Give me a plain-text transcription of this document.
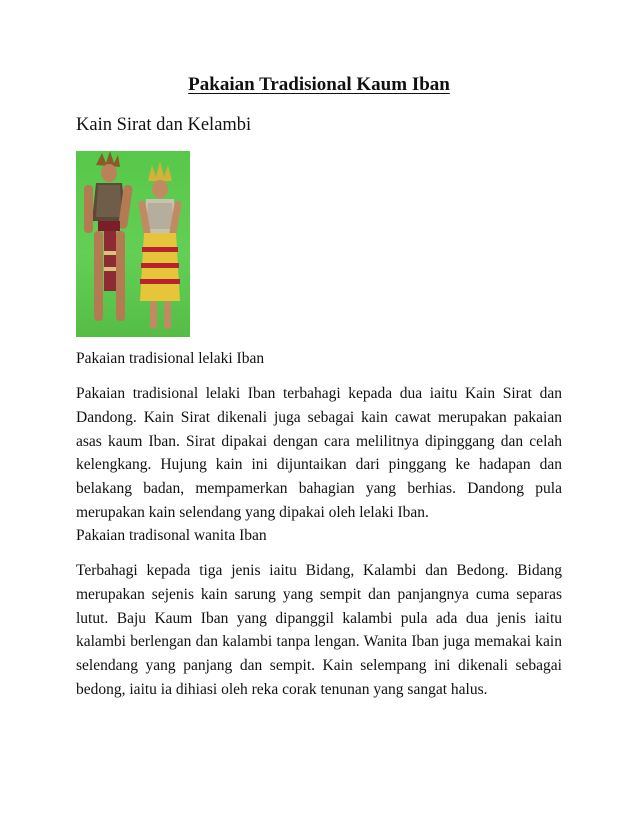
Pakaian Tradisional Kaum Iban
Kain Sirat dan Kelambi
Pakaian tradisional lelaki Iban
Pakaian tradisional lelaki Iban terbahagi kepada dua iaitu Kain Sirat dan Dandong. Kain Sirat dikenali juga sebagai kain cawat merupakan pakaian asas kaum Iban. Sirat dipakai dengan cara melilitnya dipinggang dan celah kelengkang. Hujung kain ini dijuntaikan dari pinggang ke hadapan dan belakang badan, mempamerkan bahagian yang berhias. Dandong pula merupakan kain selendang yang dipakai oleh lelaki Iban.
Pakaian tradisonal wanita Iban
Terbahagi kepada tiga jenis iaitu Bidang, Kalambi dan Bedong. Bidang merupakan sejenis kain sarung yang sempit dan panjangnya cuma separas lutut. Baju Kaum Iban yang dipanggil kalambi pula ada dua jenis iaitu kalambi berlengan dan kalambi tanpa lengan. Wanita Iban juga memakai kain selendang yang panjang dan sempit. Kain selempang ini dikenali sebagai bedong, iaitu ia dihiasi oleh reka corak tenunan yang sangat halus.
